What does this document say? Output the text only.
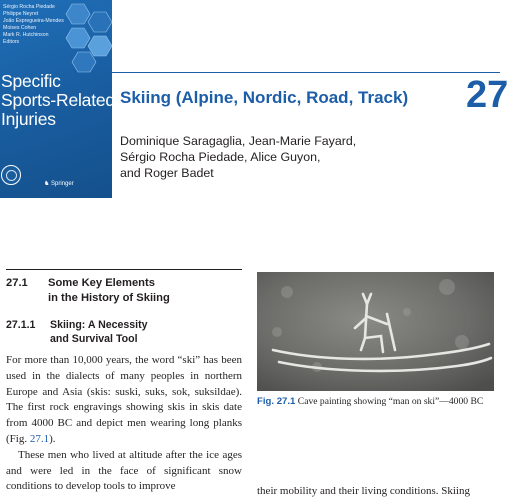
Sérgio Rocha Piedade
Philippe Neyret
João Espregueira-Mendes
Moises Cohen
Mark R. Hutchinson
Editors
Specific
Sports-Related
Injuries
♞ Springer
Skiing (Alpine, Nordic, Road, Track) 27
Dominique Saragaglia, Jean-Marie Fayard,
Sérgio Rocha Piedade, Alice Guyon,
and Roger Badet
27.1 Some Key Elements
in the History of Skiing
27.1.1 Skiing: A Necessity
and Survival Tool

For more than 10,000 years, the word “ski” has been used in the dialects of many peoples in northern Europe and Asia (skis: suski, suks, sok, suksildae). The first rock engravings showing skis in skis date from 4000 BC and depict men wearing long planks (Fig. 27.1).

These men who lived at altitude after the ice ages and were led in the face of significant snow conditions to develop tools to improve

Fig. 27.1 Cave painting showing “man on ski”—4000 BC
their mobility and their living conditions. Skiing
